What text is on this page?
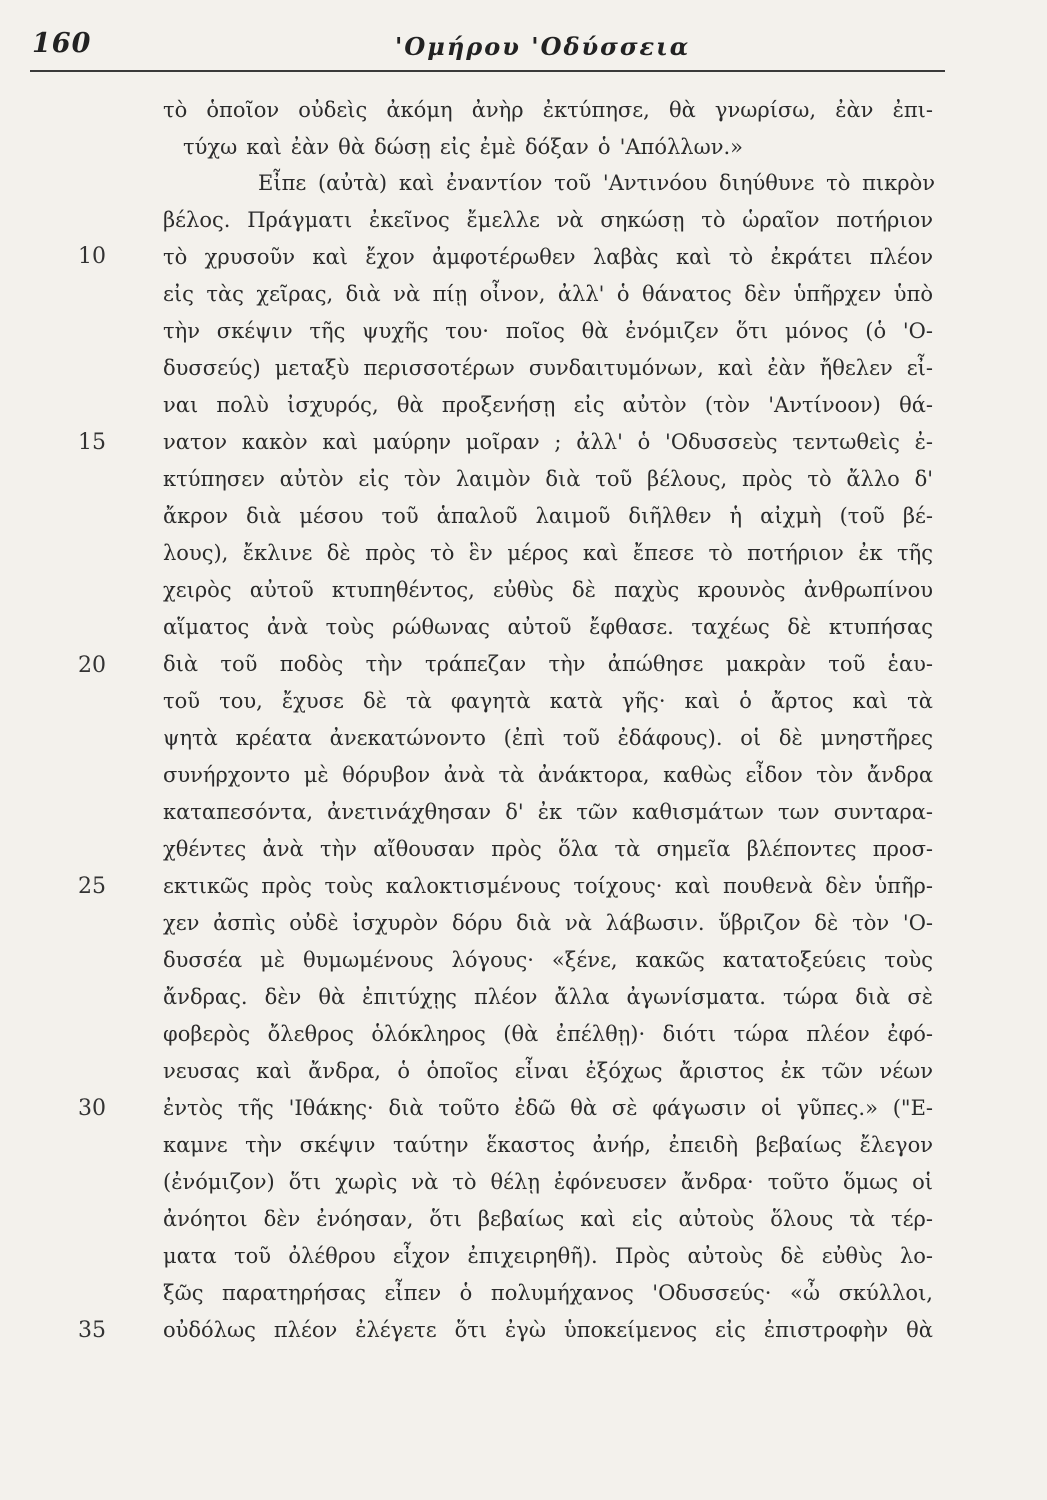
160	'Ομήρου 'Οδύσσεια
τὸ ὁποῖον οὐδεὶς ἀκόμη ἀνὴρ ἐκτύπησε, θὰ γνωρίσω, ἐὰν ἐπι-
τύχω καὶ ἐὰν θὰ δώσῃ εἰς ἐμὲ δόξαν ὁ 'Απόλλων.»
Εἶπε (αὐτὰ) καὶ ἐναντίον τοῦ 'Αντινόου διηύθυνε τὸ πικρὸν
βέλος. Πράγματι ἐκεῖνος ἔμελλε νὰ σηκώσῃ τὸ ὡραῖον ποτήριον
τὸ χρυσοῦν καὶ ἔχον ἀμφοτέρωθεν λαβὰς καὶ τὸ ἐκράτει πλέον
εἰς τὰς χεῖρας, διὰ νὰ πίῃ οἶνον, ἀλλ' ὁ θάνατος δὲν ὑπῆρχεν ὑπὸ
τὴν σκέψιν τῆς ψυχῆς του· ποῖος θὰ ἐνόμιζεν ὅτι μόνος (ὁ 'Ο-
δυσσεύς) μεταξὺ περισσοτέρων συνδαιτυμόνων, καὶ ἐὰν ἤθελεν εἶ-
ναι πολὺ ἰσχυρός, θὰ προξενήσῃ εἰς αὐτὸν (τὸν 'Αντίνοον) θά-
νατον κακὸν καὶ μαύρην μοῖραν ; ἀλλ' ὁ 'Οδυσσεὺς τεντωθεὶς ἐ-
κτύπησεν αὐτὸν εἰς τὸν λαιμὸν διὰ τοῦ βέλους, πρὸς τὸ ἄλλο δ'
ἄκρον διὰ μέσου τοῦ ἁπαλοῦ λαιμοῦ διῆλθεν ἡ αἰχμὴ (τοῦ βέ-
λους), ἔκλινε δὲ πρὸς τὸ ἓν μέρος καὶ ἔπεσε τὸ ποτήριον ἐκ τῆς
χειρὸς αὐτοῦ κτυπηθέντος, εὐθὺς δὲ παχὺς κρουνὸς ἀνθρωπίνου
αἵματος ἀνὰ τοὺς ρώθωνας αὐτοῦ ἔφθασε. ταχέως δὲ κτυπήσας
διὰ τοῦ ποδὸς τὴν τράπεζαν τὴν ἀπώθησε μακρὰν τοῦ ἑαυ-
τοῦ του, ἔχυσε δὲ τὰ φαγητὰ κατὰ γῆς· καὶ ὁ ἄρτος καὶ τὰ
ψητὰ κρέατα ἀνεκατώνοντο (ἐπὶ τοῦ ἐδάφους). οἱ δὲ μνηστῆρες
συνήρχοντο μὲ θόρυβον ἀνὰ τὰ ἀνάκτορα, καθὼς εἶδον τὸν ἄνδρα
καταπεσόντα, ἀνετινάχθησαν δ' ἐκ τῶν καθισμάτων των συνταρα-
χθέντες ἀνὰ τὴν αἴθουσαν πρὸς ὅλα τὰ σημεῖα βλέποντες προσ-
εκτικῶς πρὸς τοὺς καλοκτισμένους τοίχους· καὶ πουθενὰ δὲν ὑπῆρ-
χεν ἀσπὶς οὐδὲ ἰσχυρὸν δόρυ διὰ νὰ λάβωσιν. ὕβριζον δὲ τὸν 'Ο-
δυσσέα μὲ θυμωμένους λόγους· «ξένε, κακῶς κατατοξεύεις τοὺς
ἄνδρας. δὲν θὰ ἐπιτύχῃς πλέον ἄλλα ἀγωνίσματα. τώρα διὰ σὲ
φοβερὸς ὄλεθρος ὁλόκληρος (θὰ ἐπέλθῃ)· διότι τώρα πλέον ἐφό-
νευσας καὶ ἄνδρα, ὁ ὁποῖος εἶναι ἐξόχως ἄριστος ἐκ τῶν νέων
ἐντὸς τῆς 'Ιθάκης· διὰ τοῦτο ἐδῶ θὰ σὲ φάγωσιν οἱ γῦπες.» ("Ε-
καμνε τὴν σκέψιν ταύτην ἕκαστος ἀνήρ, ἐπειδὴ βεβαίως ἔλεγον
(ἐνόμιζον) ὅτι χωρὶς νὰ τὸ θέλῃ ἐφόνευσεν ἄνδρα· τοῦτο ὅμως οἱ
ἀνόητοι δὲν ἐνόησαν, ὅτι βεβαίως καὶ εἰς αὐτοὺς ὅλους τὰ τέρ-
ματα τοῦ ὀλέθρου εἶχον ἐπιχειρηθῆ). Πρὸς αὐτοὺς δὲ εὐθὺς λο-
ξῶς παρατηρήσας εἶπεν ὁ πολυμήχανος 'Οδυσσεύς· «ὦ σκύλλοι,
οὐδόλως πλέον ἐλέγετε ὅτι ἐγὼ ὑποκείμενος εἰς ἐπιστροφὴν θὰ
10
15
20
25
30
35
